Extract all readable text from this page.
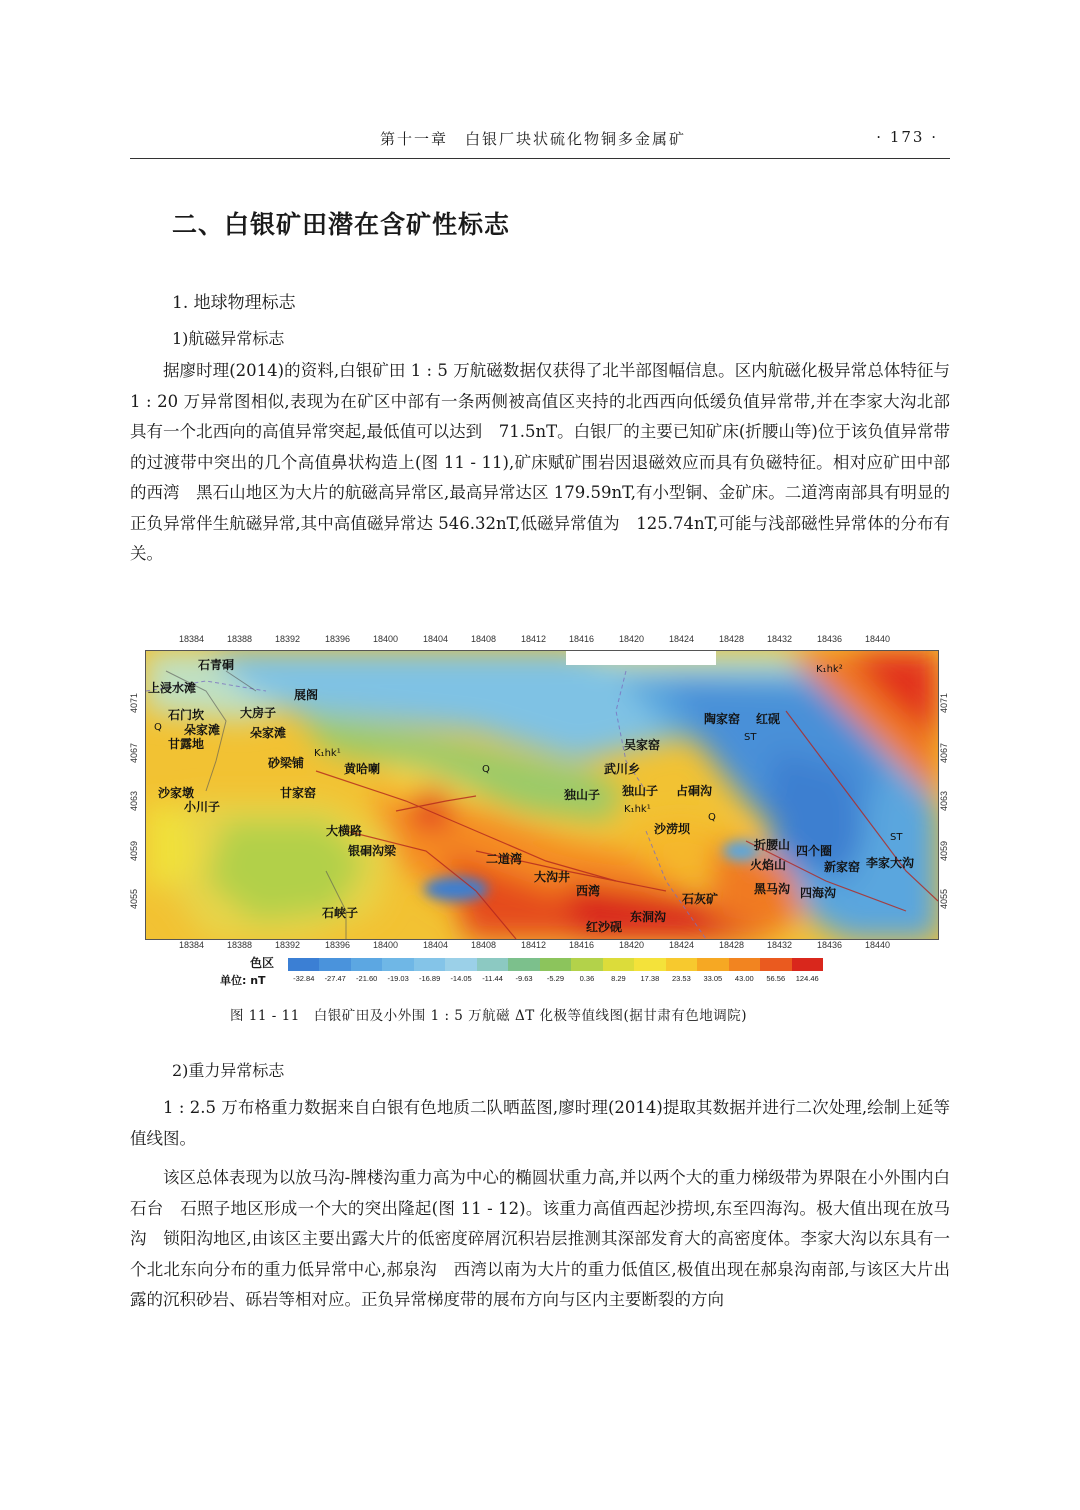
第十一章　白银厂块状硫化物铜多金属矿	· 173 ·
二、白银矿田潜在含矿性标志
1. 地球物理标志
1)航磁异常标志

据廖时理(2014)的资料,白银矿田 1 : 5 万航磁数据仅获得了北半部图幅信息。区内航磁化极异常总体特征与 1 : 20 万异常图相似,表现为在矿区中部有一条两侧被高值区夹持的北西西向低缓负值异常带,并在李家大沟北部具有一个北西向的高值异常突起,最低值可以达到　71.5nT。白银厂的主要已知矿床(折腰山等)位于该负值异常带的过渡带中突出的几个高值鼻状构造上(图 11 - 11),矿床赋矿围岩因退磁效应而具有负磁特征。相对应矿田中部的西湾　黑石山地区为大片的航磁高异常区,最高异常达区 179.59nT,有小型铜、金矿床。二道湾南部具有明显的正负异常伴生航磁异常,其中高值磁异常达 546.32nT,低磁异常值为　125.74nT,可能与浅部磁性异常体的分布有关。

18384	18388	18392	18396	18400	18404	18408	18412	18416	18420	18424	18428	18432	18436	18440
4071
4067
4063
4059
4055
4071
4067
4063
4059
4055
石青硐
上浸水滩
石门坎	大房子
朵家滩 朵家滩
甘露地
展阁
砂梁铺	黄哈喇
沙家墩
小川子
甘家窑
大横路
银硐沟梁
石峡子
陶家窑 红砚
吴家窑
武川乡
独山子 独山子 占硐沟
沙涝坝
折腰山 四个圈
火焰山	新家窑 李家大沟
二道湾
大沟井
西湾	黑马沟 四海沟
石灰矿
东洞沟
红沙砚
ST
ST
Q
Q
Q
K₁hk²
K₁hk¹
K₁hk¹
18384	18388	18392	18396	18400	18404	18408	18412	18416	18420	18424	18428	18432	18436	18440
色区
单位: nT	-32.84	-27.47	-21.60	-19.03	-16.89	-14.05	-11.44	-9.63	-5.29	0.36	8.29	17.38	23.53	33.05	43.00	56.56	124.46
图 11 - 11　白银矿田及小外围 1 : 5 万航磁 ΔT 化极等值线图(据甘肃有色地调院)
2)重力异常标志

1 : 2.5 万布格重力数据来自白银有色地质二队晒蓝图,廖时理(2014)提取其数据并进行二次处理,绘制上延等值线图。

该区总体表现为以放马沟-牌楼沟重力高为中心的椭圆状重力高,并以两个大的重力梯级带为界限在小外围内白石台　石照子地区形成一个大的突出隆起(图 11 - 12)。该重力高值西起沙捞坝,东至四海沟。极大值出现在放马沟　锁阳沟地区,由该区主要出露大片的低密度碎屑沉积岩层推测其深部发育大的高密度体。李家大沟以东具有一个北北东向分布的重力低异常中心,郝泉沟　西湾以南为大片的重力低值区,极值出现在郝泉沟南部,与该区大片出露的沉积砂岩、砾岩等相对应。正负异常梯度带的展布方向与区内主要断裂的方向
